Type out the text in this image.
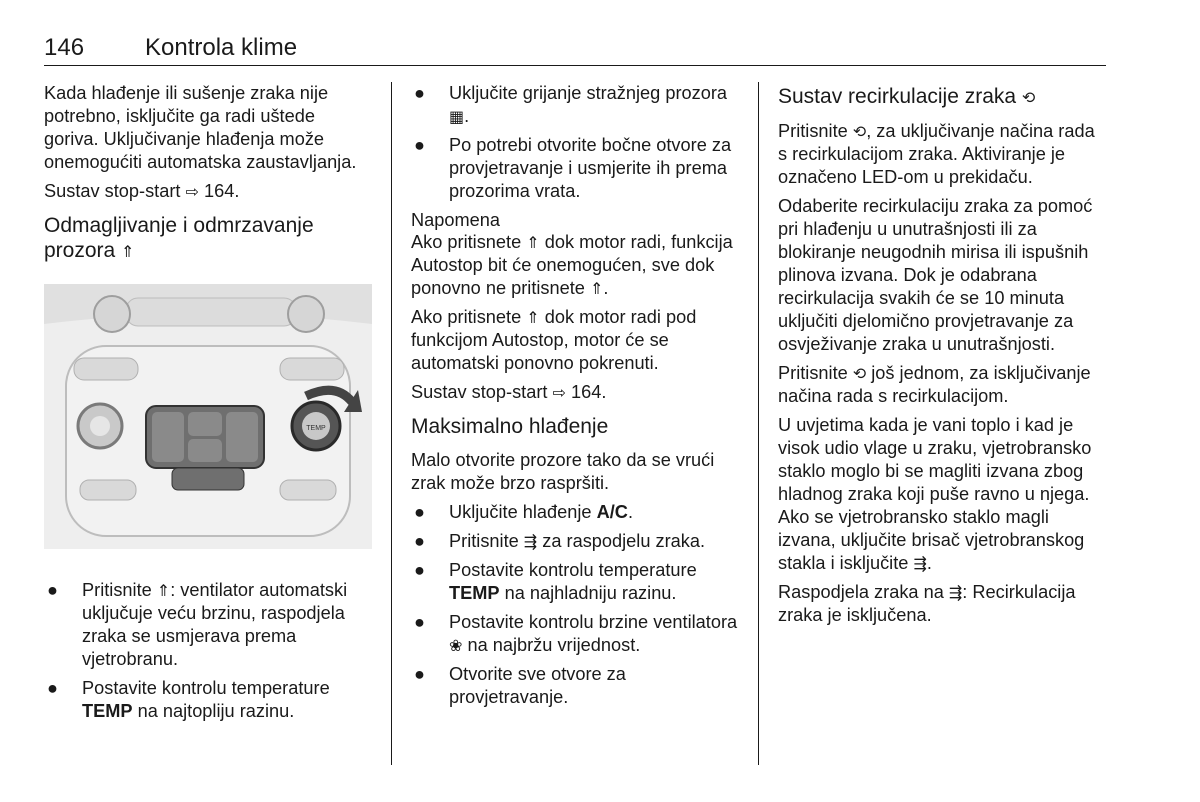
146	Kontrola klime

Kada hlađenje ili sušenje zraka nije potrebno, isključite ga radi uštede goriva. Uključivanje hlađenja može onemogućiti automatska zaustavljanja.

Sustav stop-start ⇨ 164.

Odmagljivanje i odmrzavanje prozora ⇑
TEMP
● Pritisnite ⇑: ventilator automatski uključuje veću brzinu, raspodjela zraka se usmjerava prema vjetrobranu.
● Postavite kontrolu temperature TEMP na najtopliju razinu.
● Uključite grijanje stražnjeg prozora ▦.
● Po potrebi otvorite bočne otvore za provjetravanje i usmjerite ih prema prozorima vrata.
Napomena

Ako pritisnete ⇑ dok motor radi, funkcija Autostop bit će onemogućen, sve dok ponovno ne pritisnete ⇑.

Ako pritisnete ⇑ dok motor radi pod funkcijom Autostop, motor će se automatski ponovno pokrenuti.

Sustav stop-start ⇨ 164.

Maksimalno hlađenje

Malo otvorite prozore tako da se vrući zrak može brzo raspršiti.

● Uključite hlađenje A/C.
● Pritisnite ⇶ za raspodjelu zraka.
● Postavite kontrolu temperature TEMP na najhladniju razinu.
● Postavite kontrolu brzine ventilatora ❀ na najbržu vrijednost.
● Otvorite sve otvore za provjetravanje.
Sustav recirkulacije zraka ⟲

Pritisnite ⟲, za uključivanje načina rada s recirkulacijom zraka. Aktiviranje je označeno LED-om u prekidaču.

Odaberite recirkulaciju zraka za pomoć pri hlađenju u unutrašnjosti ili za blokiranje neugodnih mirisa ili ispušnih plinova izvana. Dok je odabrana recirkulacija svakih će se 10 minuta uključiti djelomično provjetravanje za osvježivanje zraka u unutrašnjosti.

Pritisnite ⟲ još jednom, za isključivanje načina rada s recirkulacijom.

U uvjetima kada je vani toplo i kad je visok udio vlage u zraku, vjetrobransko staklo moglo bi se magliti izvana zbog hladnog zraka koji puše ravno u njega. Ako se vjetrobransko staklo magli izvana, uključite brisač vjetrobranskog stakla i isključite ⇶.

Raspodjela zraka na ⇶: Recirkulacija zraka je isključena.
